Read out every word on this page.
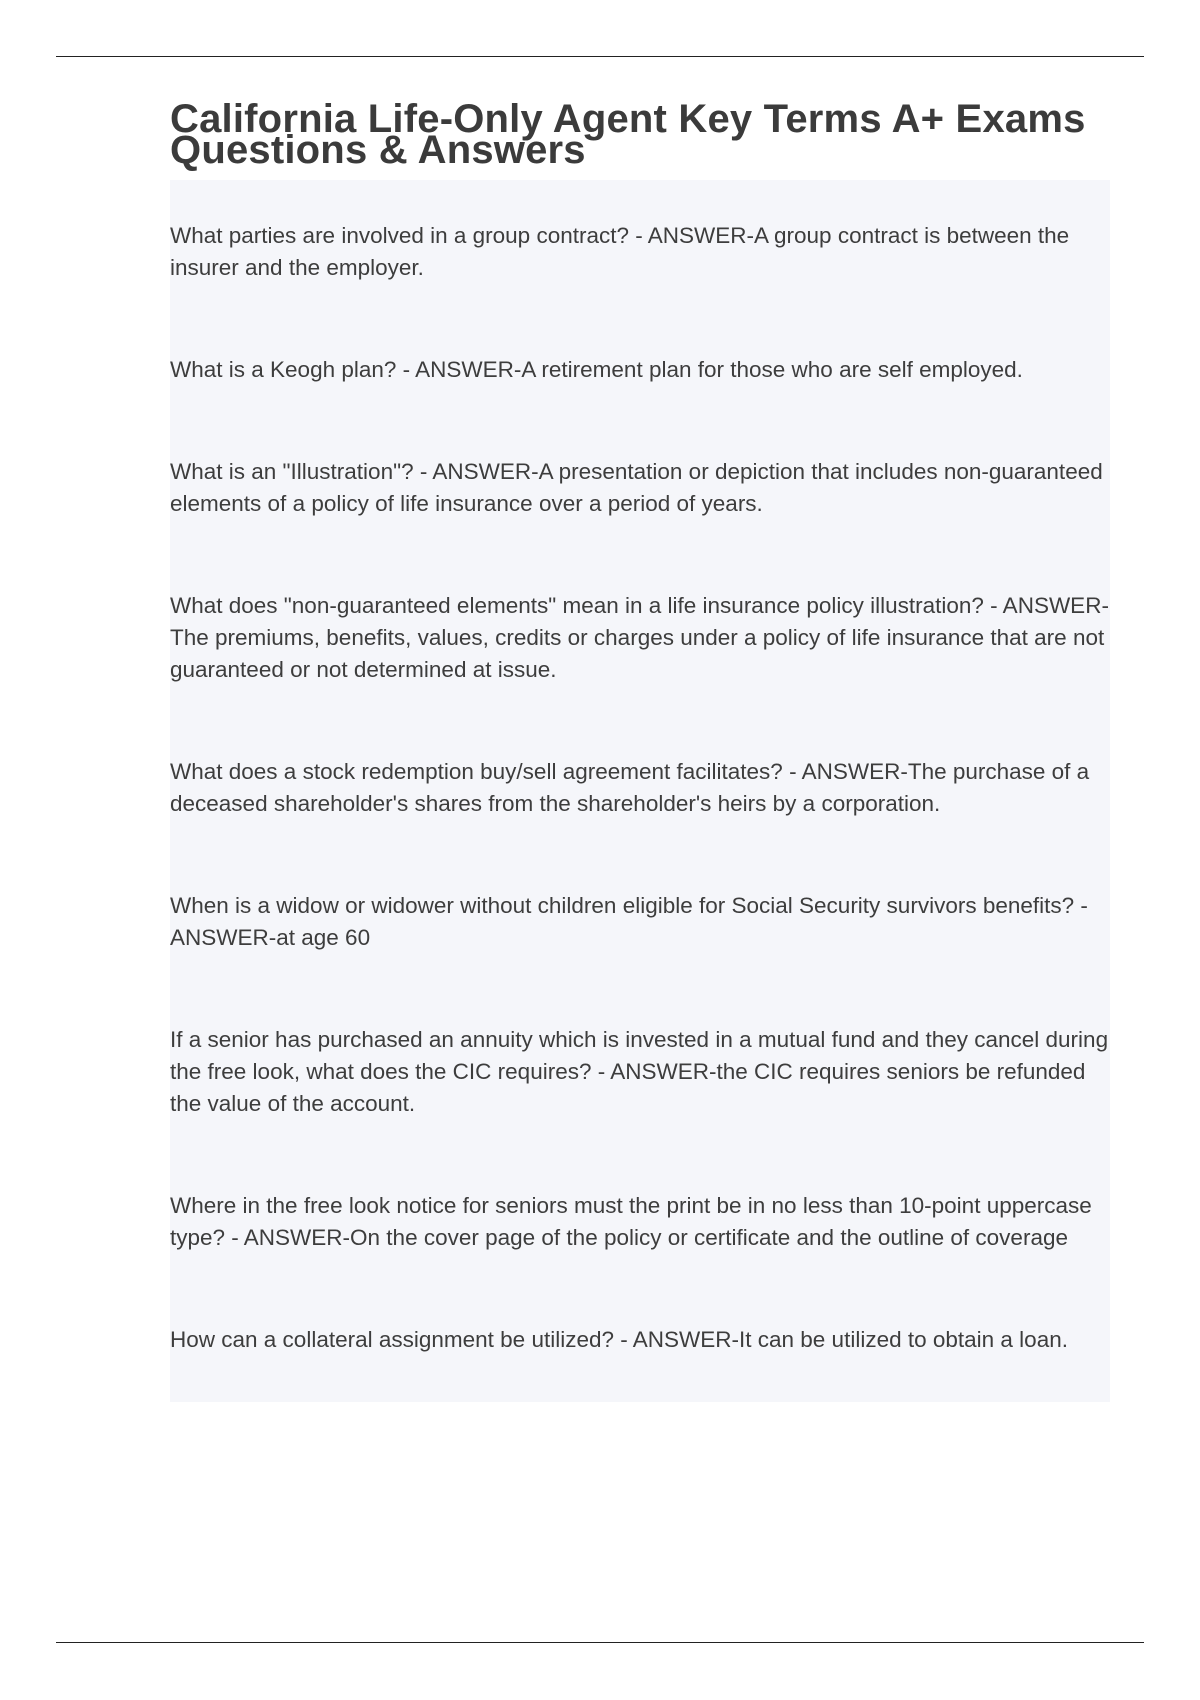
California Life-Only Agent Key Terms A+ Exams Questions & Answers
What parties are involved in a group contract? - ANSWER-A group contract is between the insurer and the employer.
What is a Keogh plan? - ANSWER-A retirement plan for those who are self employed.
What is an "Illustration"? - ANSWER-A presentation or depiction that includes non-guaranteed elements of a policy of life insurance over a period of years.
What does "non-guaranteed elements" mean in a life insurance policy illustration? - ANSWER-The premiums, benefits, values, credits or charges under a policy of life insurance that are not guaranteed or not determined at issue.
What does a stock redemption buy/sell agreement facilitates? - ANSWER-The purchase of a deceased shareholder's shares from the shareholder's heirs by a corporation.
When is a widow or widower without children eligible for Social Security survivors benefits? - ANSWER-at age 60
If a senior has purchased an annuity which is invested in a mutual fund and they cancel during the free look, what does the CIC requires? - ANSWER-the CIC requires seniors be refunded the value of the account.
Where in the free look notice for seniors must the print be in no less than 10-point uppercase type? - ANSWER-On the cover page of the policy or certificate and the outline of coverage
How can a collateral assignment be utilized? - ANSWER-It can be utilized to obtain a loan.
